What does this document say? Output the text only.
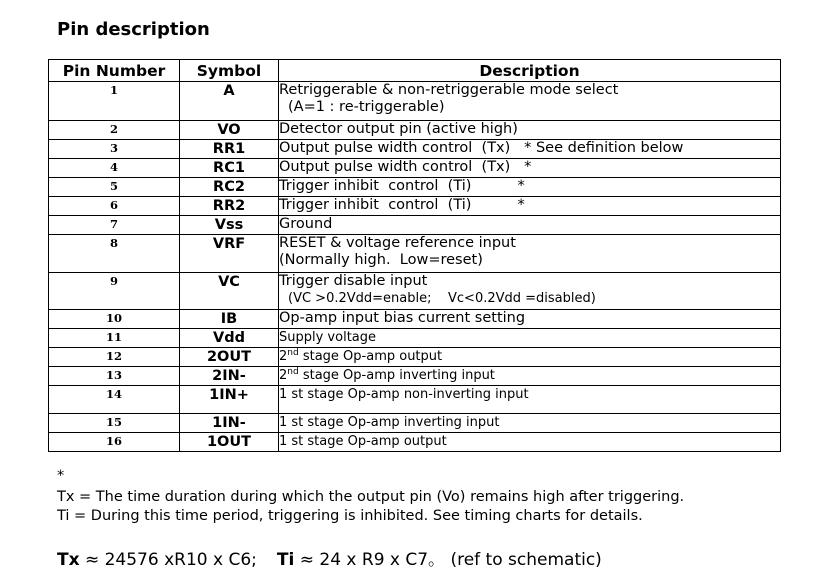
Pin description
Pin Number	Symbol	Description
1	A	Retriggerable & non-retriggerable mode select
(A=1 : re-triggerable)

2	VO	Detector output pin (active high)
3	RR1	Output pulse width control  (Tx)   * See definition below
4	RC1	Output pulse width control  (Tx)   *
5	RC2	Trigger inhibit  control  (Ti)          *
6	RR2	Trigger inhibit  control  (Ti)          *
7	Vss	Ground
8	VRF	RESET & voltage reference input
(Normally high.  Low=reset)

9	VC	Trigger disable input
(VC >0.2Vdd=enable;    Vc<0.2Vdd =disabled)

10	IB	Op-amp input bias current setting
11	Vdd	Supply voltage
12	2OUT	2nd stage Op-amp output
13	2IN-	2nd stage Op-amp inverting input
14	1IN+	1 st stage Op-amp non-inverting input
15	1IN-	1 st stage Op-amp inverting input
16	1OUT	1 st stage Op-amp output
*
Tx = The time duration during which the output pin (Vo) remains high after triggering.
Ti = During this time period, triggering is inhibited. See timing charts for details.
Tx ≈ 24576 xR10 x C6; Ti ≈ 24 x R9 x C7。 (ref to schematic)
